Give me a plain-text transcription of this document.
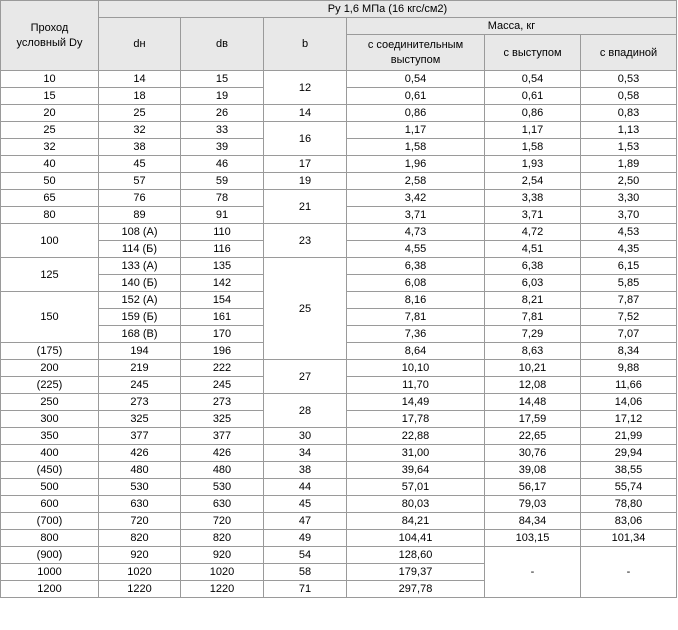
Проход
условный Dy	Py 1,6 МПа (16 кгс/см2)					
	dн	dв	b	Масса, кг		
				с соединительным выступом	с выступом	с впадиной
10	14	15	12	0,54	0,54	0,53
15	18	19		0,61	0,61	0,58
20	25	26	14	0,86	0,86	0,83
25	32	33	16	1,17	1,17	1,13
32	38	39		1,58	1,58	1,53
40	45	46	17	1,96	1,93	1,89
50	57	59	19	2,58	2,54	2,50
65	76	78	21	3,42	3,38	3,30
80	89	91		3,71	3,71	3,70
100	108 (А)	110	23	4,73	4,72	4,53
	114 (Б)	116		4,55	4,51	4,35
125	133 (А)	135	25	6,38	6,38	6,15
	140 (Б)	142		6,08	6,03	5,85
150	152 (А)	154		8,16	8,21	7,87
	159 (Б)	161		7,81	7,81	7,52
	168 (В)	170		7,36	7,29	7,07
(175)	194	196		8,64	8,63	8,34
200	219	222	27	10,10	10,21	9,88
(225)	245	245		11,70	12,08	11,66
250	273	273	28	14,49	14,48	14,06
300	325	325		17,78	17,59	17,12
350	377	377	30	22,88	22,65	21,99
400	426	426	34	31,00	30,76	29,94
(450)	480	480	38	39,64	39,08	38,55
500	530	530	44	57,01	56,17	55,74
600	630	630	45	80,03	79,03	78,80
(700)	720	720	47	84,21	84,34	83,06
800	820	820	49	104,41	103,15	101,34
(900)	920	920	54	128,60	-	-
1000	1020	1020	58	179,37		
1200	1220	1220	71	297,78		
